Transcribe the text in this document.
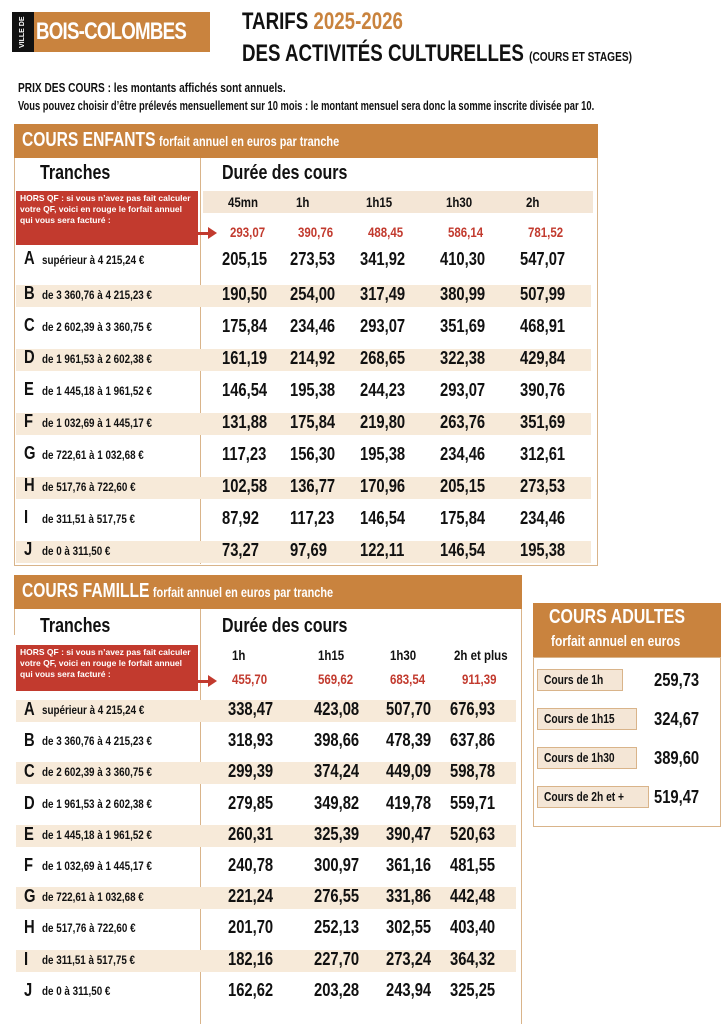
VILLE DE BOIS-COLOMBES	TARIFS 2025-2026
DES ACTIVITÉS CULTURELLES (COURS ET STAGES)
PRIX DES COURS : les montants affichés sont annuels.
Vous pouvez choisir d’être prélevés mensuellement sur 10 mois : le montant mensuel sera donc la somme inscrite divisée par 10.
COURS ENFANTS forfait annuel en euros par tranche
Tranches	Durée des cours
45mn	1h	1h15	1h30	2h
HORS QF : si vous n’avez pas fait calculer votre QF, voici en rouge le forfait annuel qui vous sera facturé :
293,07	390,76	488,45	586,14	781,52
A supérieur à 4 215,24 €	205,15	273,53	341,92	410,30	547,07
B de 3 360,76 à 4 215,23 €	190,50	254,00	317,49	380,99	507,99
C de 2 602,39 à 3 360,75 €	175,84	234,46	293,07	351,69	468,91
D de 1 961,53 à 2 602,38 €	161,19	214,92	268,65	322,38	429,84
E de 1 445,18 à 1 961,52 €	146,54	195,38	244,23	293,07	390,76
F de 1 032,69 à 1 445,17 €	131,88	175,84	219,80	263,76	351,69
G de 722,61 à 1 032,68 €	117,23	156,30	195,38	234,46	312,61
H de 517,76 à 722,60 €	102,58	136,77	170,96	205,15	273,53
I de 311,51 à 517,75 €	87,92	117,23	146,54	175,84	234,46
J de 0 à 311,50 €	73,27	97,69	122,11	146,54	195,38
COURS FAMILLE forfait annuel en euros par tranche
Tranches	Durée des cours
1h	1h15	1h30	2h et plus
HORS QF : si vous n’avez pas fait calculer votre QF, voici en rouge le forfait annuel qui vous sera facturé :	455,70	569,62	683,54	911,39
A supérieur à 4 215,24 €	338,47	423,08	507,70	676,93
B de 3 360,76 à 4 215,23 €	318,93	398,66	478,39	637,86
C de 2 602,39 à 3 360,75 €	299,39	374,24	449,09	598,78
D de 1 961,53 à 2 602,38 €	279,85	349,82	419,78	559,71
E de 1 445,18 à 1 961,52 €	260,31	325,39	390,47	520,63
F de 1 032,69 à 1 445,17 €	240,78	300,97	361,16	481,55
G de 722,61 à 1 032,68 €	221,24	276,55	331,86	442,48
H de 517,76 à 722,60 €	201,70	252,13	302,55	403,40
I de 311,51 à 517,75 €	182,16	227,70	273,24	364,32
J de 0 à 311,50 €	162,62	203,28	243,94	325,25
COURS ADULTES
forfait annuel en euros
Cours de 1h	259,73
Cours de 1h15	324,67
Cours de 1h30	389,60
Cours de 2h et +	519,47
